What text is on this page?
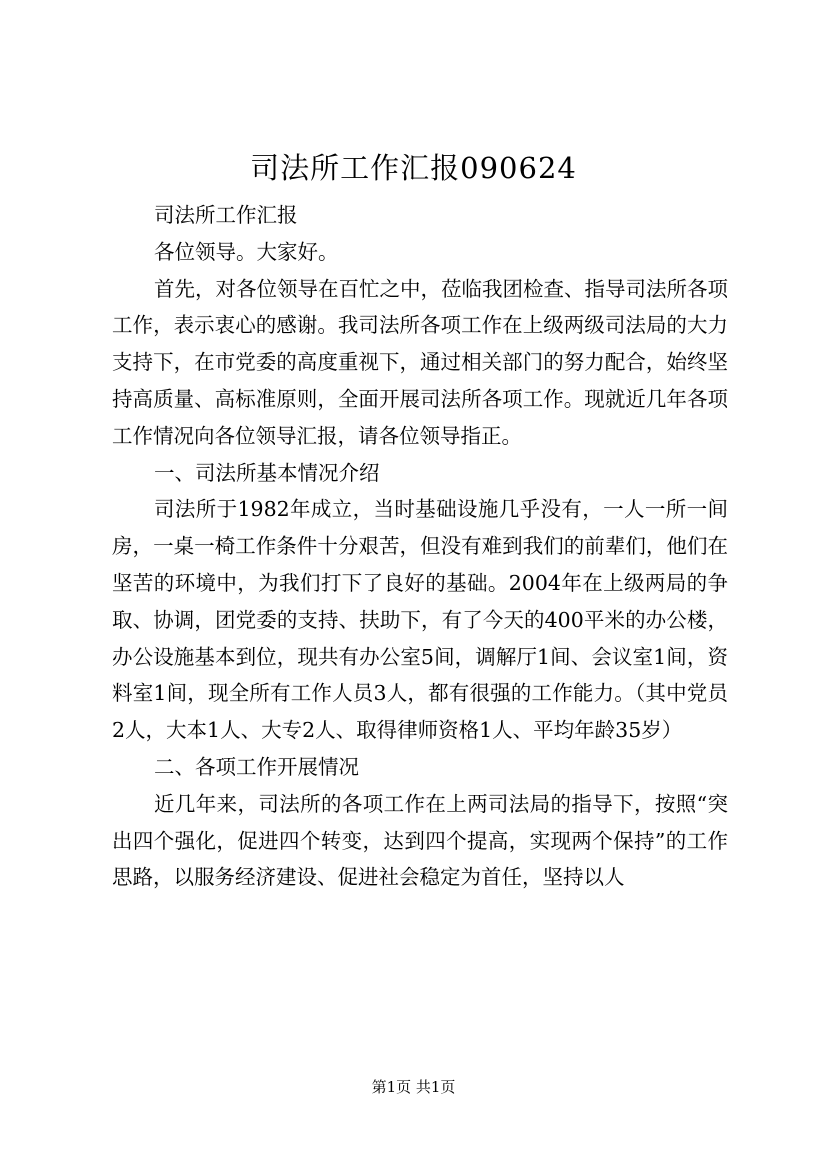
司法所工作汇报090624

司法所工作汇报

各位领导。大家好。

首先，对各位领导在百忙之中，莅临我团检查、指导司法所各项工作，表示衷心的感谢。我司法所各项工作在上级两级司法局的大力支持下，在市党委的高度重视下，通过相关部门的努力配合，始终坚持高质量、高标准原则，全面开展司法所各项工作。现就近几年各项工作情况向各位领导汇报，请各位领导指正。

一、司法所基本情况介绍

司法所于1982年成立，当时基础设施几乎没有，一人一所一间房，一桌一椅工作条件十分艰苦，但没有难到我们的前辈们，他们在坚苦的环境中，为我们打下了良好的基础。2004年在上级两局的争取、协调，团党委的支持、扶助下，有了今天的400平米的办公楼，办公设施基本到位，现共有办公室5间，调解厅1间、会议室1间，资料室1间，现全所有工作人员3人，都有很强的工作能力。（其中党员2人，大本1人、大专2人、取得律师资格1人、平均年龄35岁）

二、各项工作开展情况

近几年来，司法所的各项工作在上两司法局的指导下，按照“突出四个强化，促进四个转变，达到四个提高，实现两个保持”的工作思路，以服务经济建设、促进社会稳定为首任，坚持以人

第1页 共1页
